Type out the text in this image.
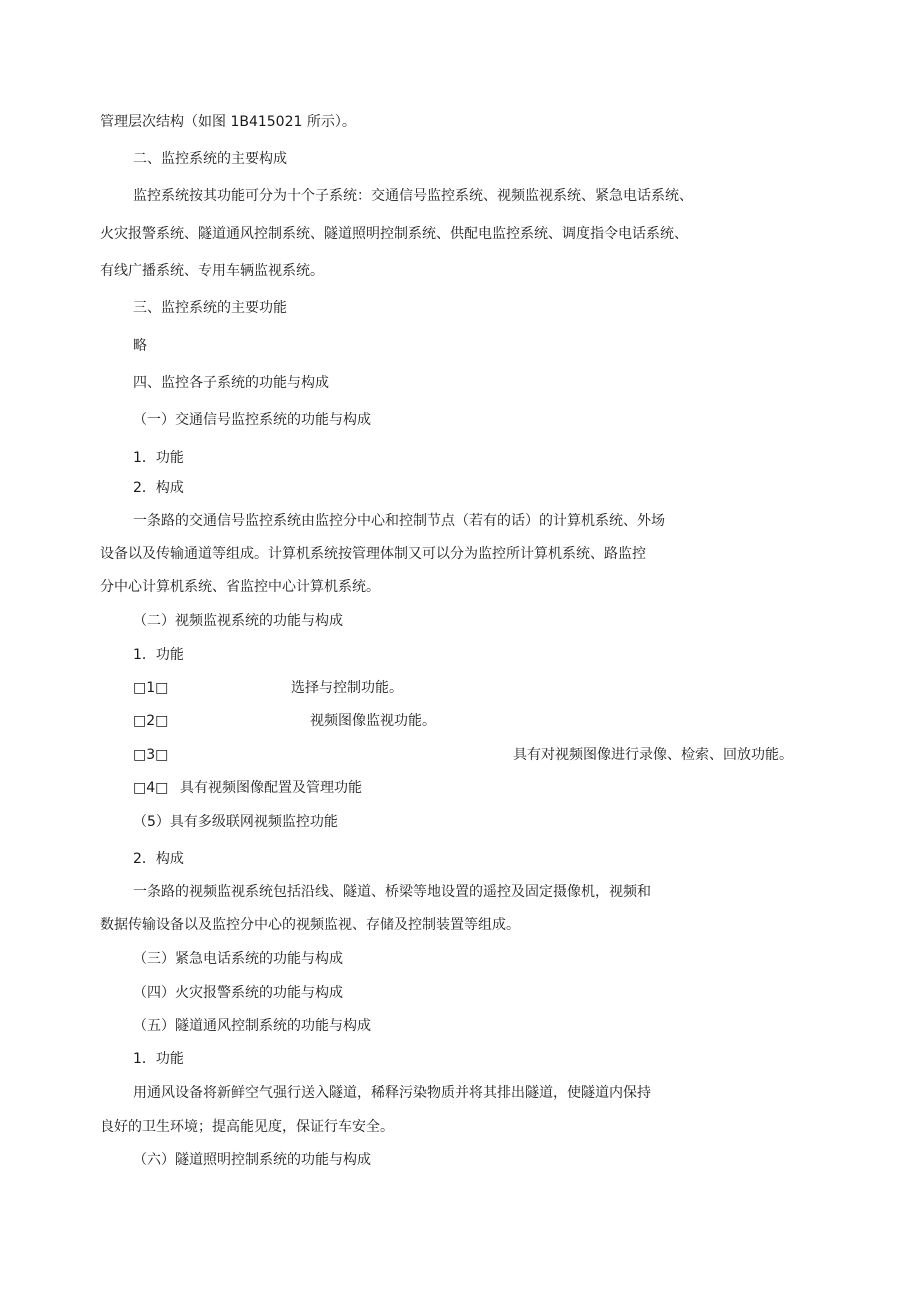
管理层次结构（如图 1B415021 所示）。
二、监控系统的主要构成
监控系统按其功能可分为十个子系统：交通信号监控系统、视频监视系统、紧急电话系统、
火灾报警系统、隧道通风控制系统、隧道照明控制系统、供配电监控系统、调度指令电话系统、
有线广播系统、专用车辆监视系统。
三、监控系统的主要功能
略
四、监控各子系统的功能与构成
（一）交通信号监控系统的功能与构成
1．功能
2．构成
一条路的交通信号监控系统由监控分中心和控制节点（若有的话）的计算机系统、外场
设备以及传输通道等组成。计算机系统按管理体制又可以分为监控所计算机系统、路监控
分中心计算机系统、省监控中心计算机系统。
（二）视频监视系统的功能与构成
1．功能
□1□	选择与控制功能。
□2□	视频图像监视功能。
□3□	具有对视频图像进行录像、检索、回放功能。
□4□ 具有视频图像配置及管理功能
（5）具有多级联网视频监控功能
2．构成
一条路的视频监视系统包括沿线、隧道、桥梁等地设置的遥控及固定摄像机，视频和
数据传输设备以及监控分中心的视频监视、存储及控制装置等组成。
（三）紧急电话系统的功能与构成
（四）火灾报警系统的功能与构成
（五）隧道通风控制系统的功能与构成
1．功能
用通风设备将新鲜空气强行送入隧道，稀释污染物质并将其排出隧道，使隧道内保持
良好的卫生环境；提高能见度，保证行车安全。
（六）隧道照明控制系统的功能与构成
